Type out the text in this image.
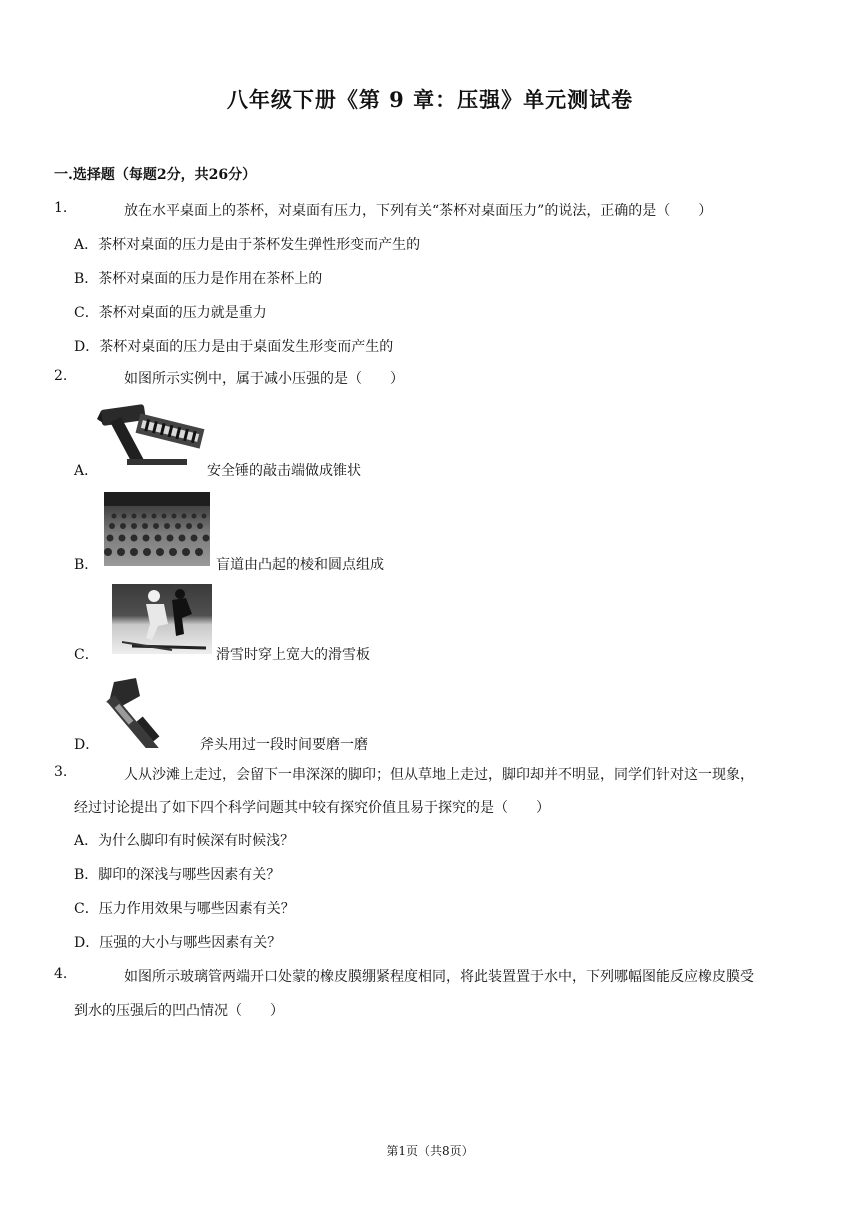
八年级下册《第 9 章：压强》单元测试卷
一.选择题（每题2分，共26分）
1.	放在水平桌面上的茶杯，对桌面有压力，下列有关“茶杯对桌面压力”的说法，正确的是（　　）
A．茶杯对桌面的压力是由于茶杯发生弹性形变而产生的
B．茶杯对桌面的压力是作用在茶杯上的
C．茶杯对桌面的压力就是重力
D．茶杯对桌面的压力是由于桌面发生形变而产生的
2.	如图所示实例中，属于减小压强的是（　　）
A．	安全锤的敲击端做成锥状
B．	盲道由凸起的棱和圆点组成
C．	滑雪时穿上宽大的滑雪板
D．	斧头用过一段时间要磨一磨
3.	人从沙滩上走过，会留下一串深深的脚印；但从草地上走过，脚印却并不明显，同学们针对这一现象，
经过讨论提出了如下四个科学问题其中较有探究价值且易于探究的是（　　）
A．为什么脚印有时候深有时候浅？
B．脚印的深浅与哪些因素有关？
C．压力作用效果与哪些因素有关？
D．压强的大小与哪些因素有关？
4.	如图所示玻璃管两端开口处蒙的橡皮膜绷紧程度相同，将此装置置于水中，下列哪幅图能反应橡皮膜受
到水的压强后的凹凸情况（　　）
第1页（共8页）
